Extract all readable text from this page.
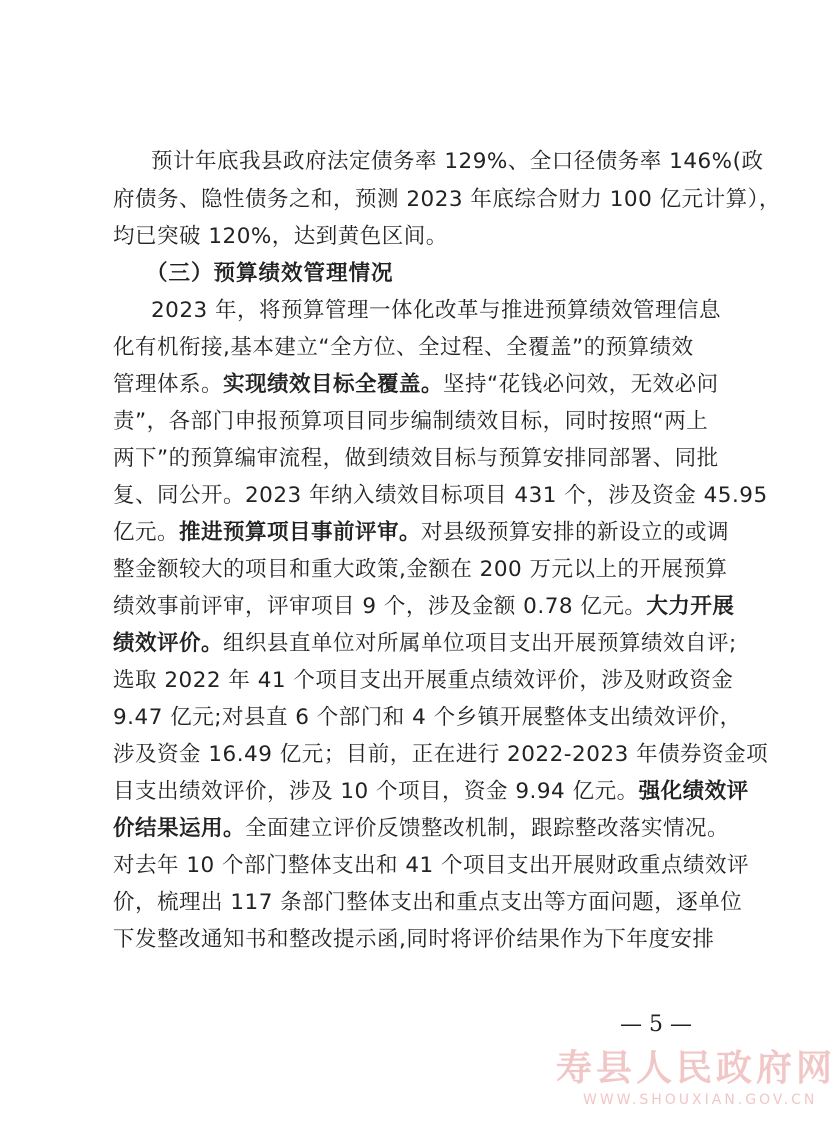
预计年底我县政府法定债务率 129%、全口径债务率 146%(政
府债务、隐性债务之和，预测 2023 年底综合财力 100 亿元计算），
均已突破 120%，达到黄色区间。
（三）预算绩效管理情况
2023 年，将预算管理一体化改革与推进预算绩效管理信息
化有机衔接,基本建立“全方位、全过程、全覆盖”的预算绩效
管理体系。实现绩效目标全覆盖。坚持“花钱必问效，无效必问
责”，各部门申报预算项目同步编制绩效目标，同时按照“两上
两下”的预算编审流程，做到绩效目标与预算安排同部署、同批
复、同公开。2023 年纳入绩效目标项目 431 个，涉及资金 45.95
亿元。推进预算项目事前评审。对县级预算安排的新设立的或调
整金额较大的项目和重大政策,金额在 200 万元以上的开展预算
绩效事前评审，评审项目 9 个，涉及金额 0.78 亿元。大力开展
绩效评价。组织县直单位对所属单位项目支出开展预算绩效自评;
选取 2022 年 41 个项目支出开展重点绩效评价，涉及财政资金
9.47 亿元;对县直 6 个部门和 4 个乡镇开展整体支出绩效评价，
涉及资金 16.49 亿元；目前，正在进行 2022-2023 年债券资金项
目支出绩效评价，涉及 10 个项目，资金 9.94 亿元。强化绩效评
价结果运用。全面建立评价反馈整改机制，跟踪整改落实情况。
对去年 10 个部门整体支出和 41 个项目支出开展财政重点绩效评
价，梳理出 117 条部门整体支出和重点支出等方面问题，逐单位
下发整改通知书和整改提示函,同时将评价结果作为下年度安排
— 5 —
寿县人民政府网
WWW.SHOUXIAN.GOV.CN
